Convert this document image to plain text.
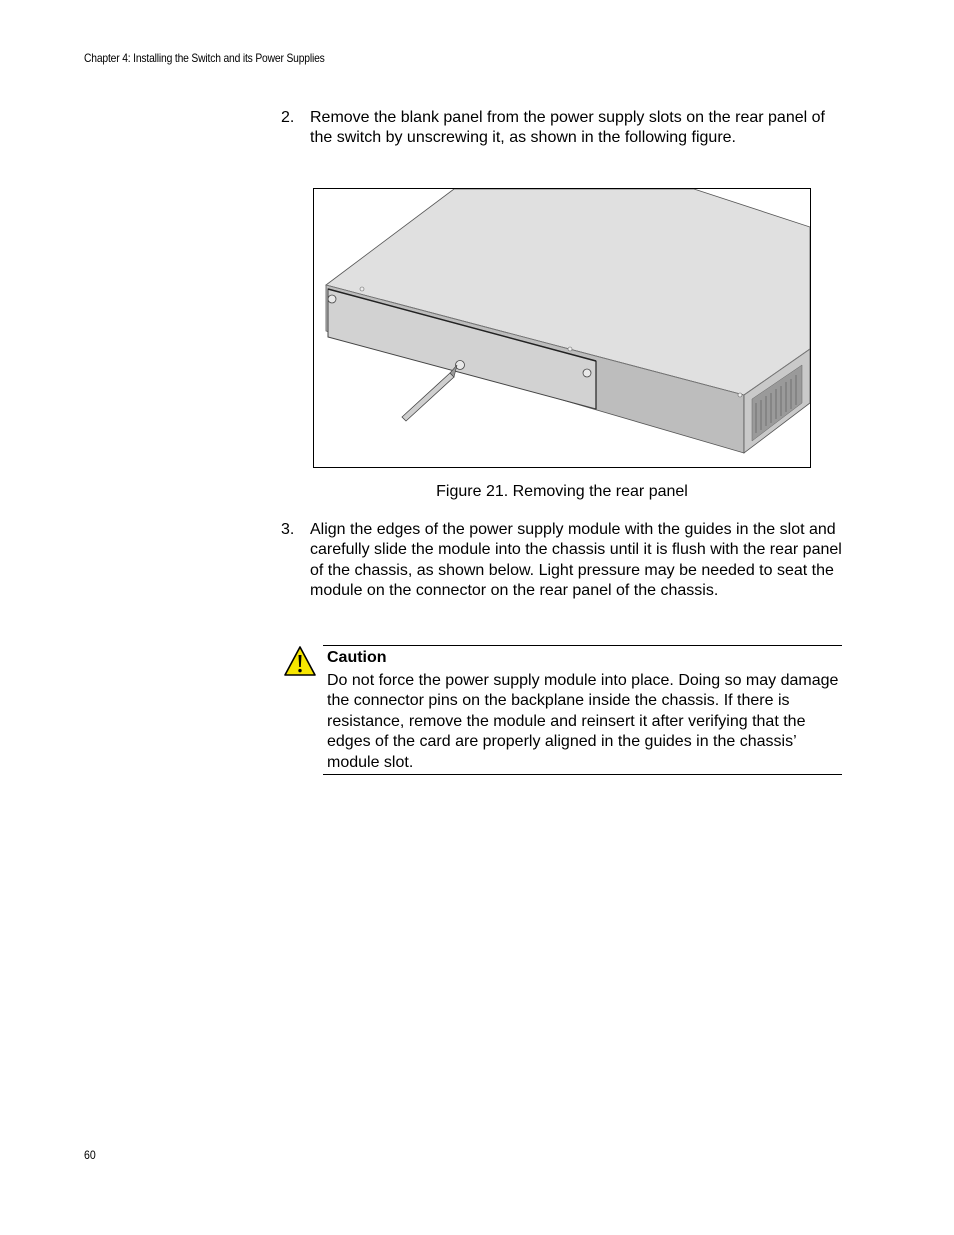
Chapter 4: Installing the Switch and its Power Supplies
2. Remove the blank panel from the power supply slots on the rear panel of the switch by unscrewing it, as shown in the following figure.
Figure 21. Removing the rear panel
3. Align the edges of the power supply module with the guides in the slot and carefully slide the module into the chassis until it is flush with the rear panel of the chassis, as shown below. Light pressure may be needed to seat the module on the connector on the rear panel of the chassis.
Caution
Do not force the power supply module into place. Doing so may damage the connector pins on the backplane inside the chassis. If there is resistance, remove the module and reinsert it after verifying that the edges of the card are properly aligned in the guides in the chassis’ module slot.
60
